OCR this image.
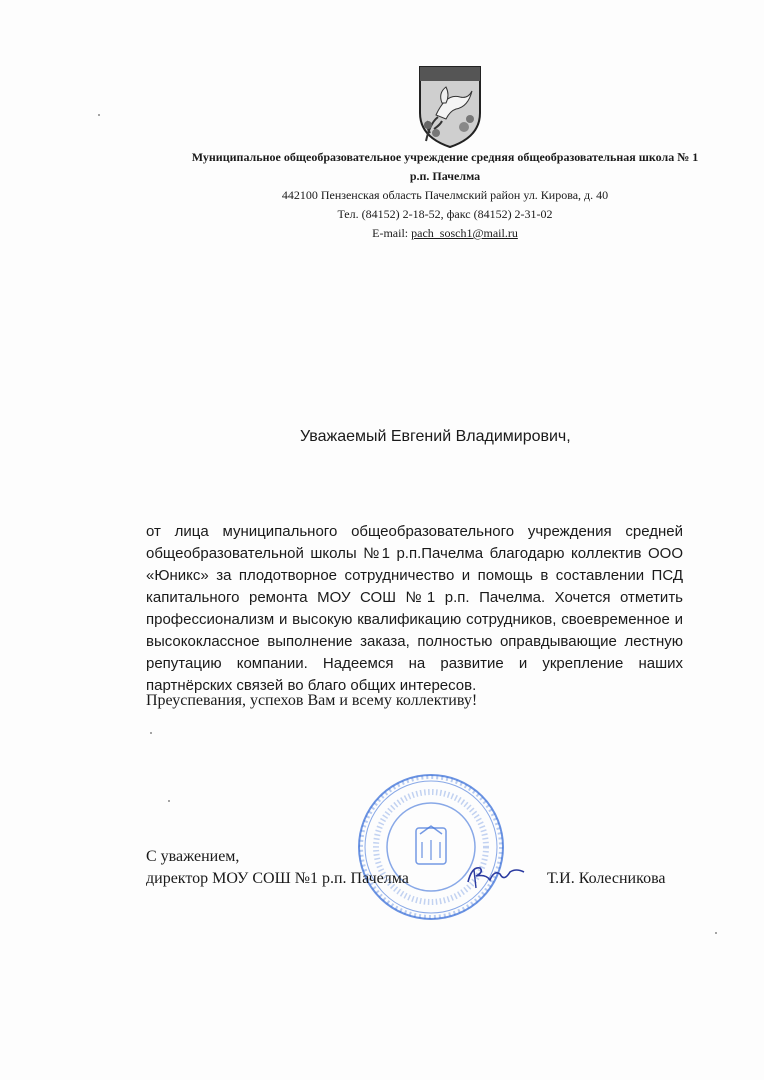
Муниципальное общеобразовательное учреждение средняя общеобразовательная школа № 1
р.п. Пачелма
442100 Пензенская область Пачелмский район ул. Кирова, д. 40
Тел. (84152) 2-18-52, факс (84152) 2-31-02
E-mail: pach_sosch1@mail.ru
Уважаемый Евгений Владимирович,
от лица муниципального общеобразовательного учреждения средней общеобразовательной школы №1 р.п.Пачелма благодарю коллектив ООО «Юникс» за плодотворное сотрудничество и помощь в составлении ПСД капитального ремонта МОУ СОШ №1 р.п. Пачелма. Хочется отметить профессионализм и высокую квалификацию сотрудников, своевременное и высококлассное выполнение заказа, полностью оправдывающие лестную репутацию компании. Надеемся на развитие и укрепление наших партнёрских связей во благо общих интересов.
Преуспевания, успехов Вам и всему коллективу!
С уважением,
директор МОУ СОШ №1 р.п. Пачелма	Т.И. Колесникова
